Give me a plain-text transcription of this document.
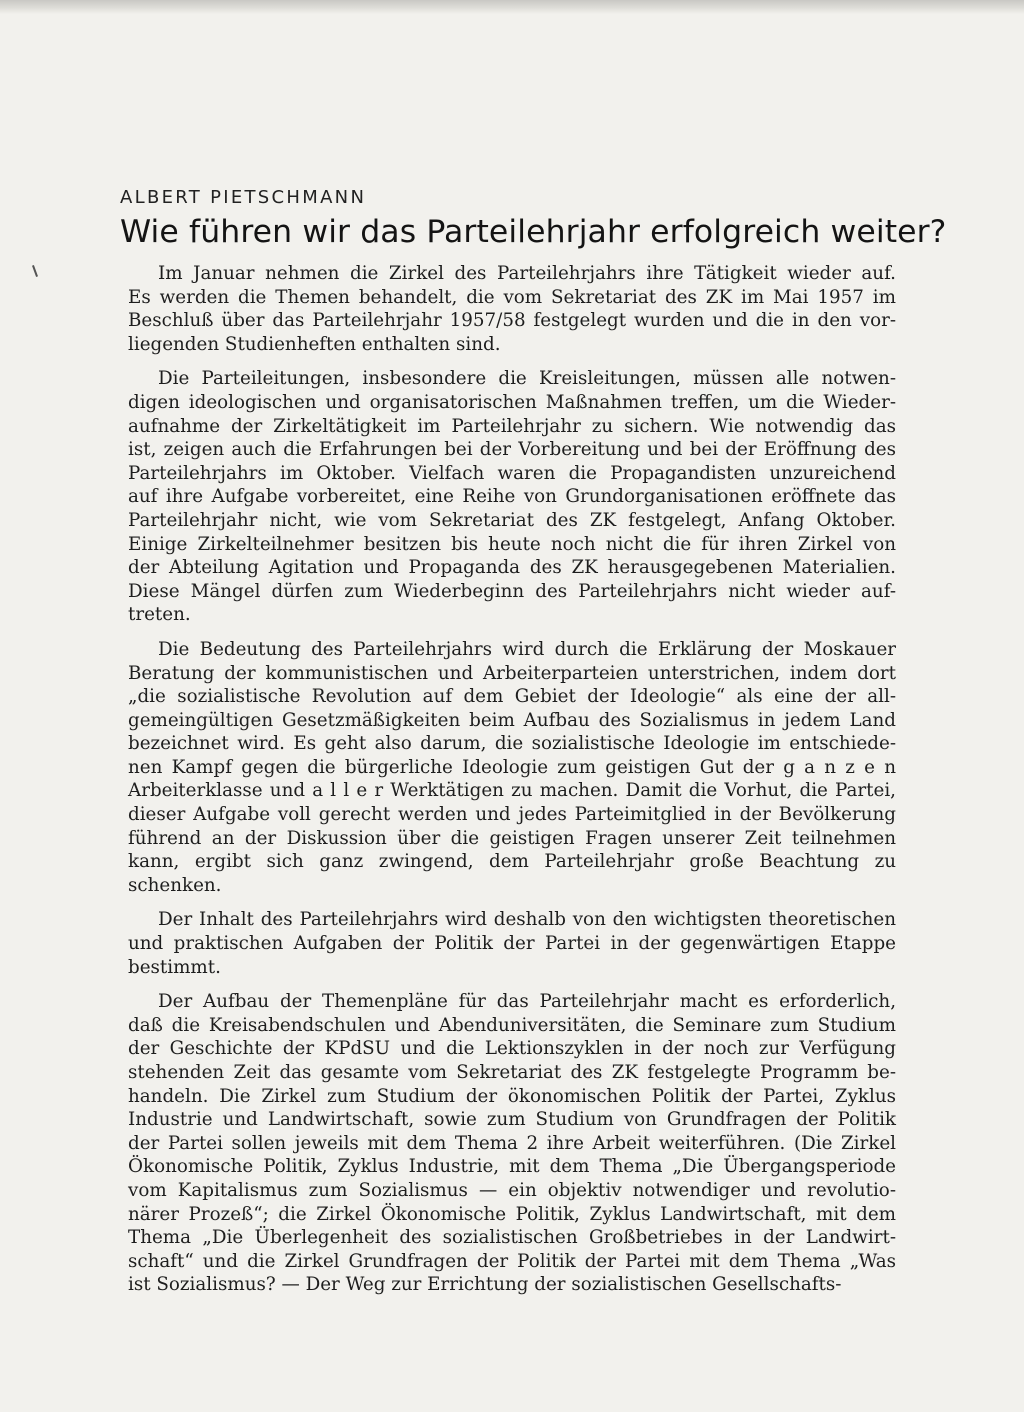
ALBERT PIETSCHMANN
Wie führen wir das Parteilehrjahr erfolgreich weiter?

Im Januar nehmen die Zirkel des Parteilehrjahrs ihre Tätigkeit wieder auf.
Es werden die Themen behandelt, die vom Sekretariat des ZK im Mai 1957 im
Beschluß über das Parteilehrjahr 1957/58 festgelegt wurden und die in den vor-
liegenden Studienheften enthalten sind.

Die Parteileitungen, insbesondere die Kreisleitungen, müssen alle notwen-
digen ideologischen und organisatorischen Maßnahmen treffen, um die Wieder-
aufnahme der Zirkeltätigkeit im Parteilehrjahr zu sichern. Wie notwendig das
ist, zeigen auch die Erfahrungen bei der Vorbereitung und bei der Eröffnung des
Parteilehrjahrs im Oktober. Vielfach waren die Propagandisten unzureichend
auf ihre Aufgabe vorbereitet, eine Reihe von Grundorganisationen eröffnete das
Parteilehrjahr nicht, wie vom Sekretariat des ZK festgelegt, Anfang Oktober.
Einige Zirkelteilnehmer besitzen bis heute noch nicht die für ihren Zirkel von
der Abteilung Agitation und Propaganda des ZK herausgegebenen Materialien.
Diese Mängel dürfen zum Wiederbeginn des Parteilehrjahrs nicht wieder auf-
treten.

Die Bedeutung des Parteilehrjahrs wird durch die Erklärung der Moskauer
Beratung der kommunistischen und Arbeiterparteien unterstrichen, indem dort
„die sozialistische Revolution auf dem Gebiet der Ideologie“ als eine der all-
gemeingültigen Gesetzmäßigkeiten beim Aufbau des Sozialismus in jedem Land
bezeichnet wird. Es geht also darum, die sozialistische Ideologie im entschiede-
nen Kampf gegen die bürgerliche Ideologie zum geistigen Gut der g a n z e n
Arbeiterklasse und a l l e r Werktätigen zu machen. Damit die Vorhut, die Partei,
dieser Aufgabe voll gerecht werden und jedes Parteimitglied in der Bevölkerung
führend an der Diskussion über die geistigen Fragen unserer Zeit teilnehmen
kann, ergibt sich ganz zwingend, dem Parteilehrjahr große Beachtung zu
schenken.

Der Inhalt des Parteilehrjahrs wird deshalb von den wichtigsten theoretischen
und praktischen Aufgaben der Politik der Partei in der gegenwärtigen Etappe
bestimmt.

Der Aufbau der Themenpläne für das Parteilehrjahr macht es erforderlich,
daß die Kreisabendschulen und Abenduniversitäten, die Seminare zum Studium
der Geschichte der KPdSU und die Lektionszyklen in der noch zur Verfügung
stehenden Zeit das gesamte vom Sekretariat des ZK festgelegte Programm be-
handeln. Die Zirkel zum Studium der ökonomischen Politik der Partei, Zyklus
Industrie und Landwirtschaft, sowie zum Studium von Grundfragen der Politik
der Partei sollen jeweils mit dem Thema 2 ihre Arbeit weiterführen. (Die Zirkel
Ökonomische Politik, Zyklus Industrie, mit dem Thema „Die Übergangsperiode
vom Kapitalismus zum Sozialismus — ein objektiv notwendiger und revolutio-
närer Prozeß“; die Zirkel Ökonomische Politik, Zyklus Landwirtschaft, mit dem
Thema „Die Überlegenheit des sozialistischen Großbetriebes in der Landwirt-
schaft“ und die Zirkel Grundfragen der Politik der Partei mit dem Thema „Was
ist Sozialismus? — Der Weg zur Errichtung der sozialistischen Gesellschafts-
